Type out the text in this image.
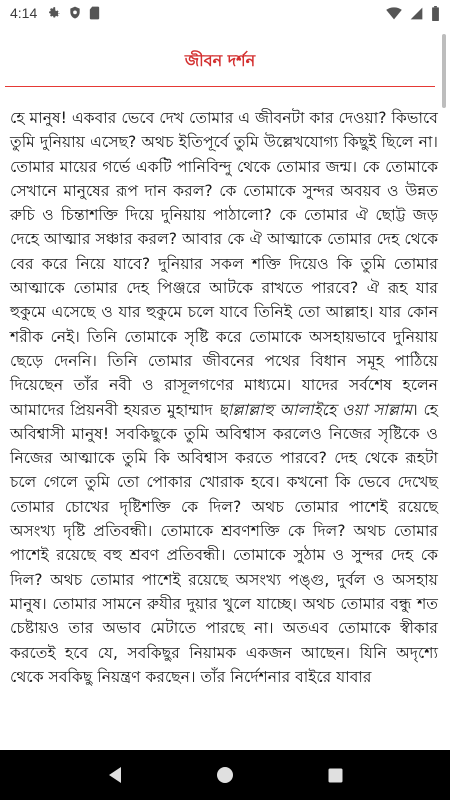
4:14
জীবন দর্শন
হে মানুষ! একবার ভেবে দেখ তোমার এ জীবনটা কার দেওয়া? কিভাবে তুমি দুনিয়ায় এসেছ? অথচ ইতিপূর্বে তুমি উল্লেখযোগ্য কিছুই ছিলে না। তোমার মায়ের গর্ভে একটি পানিবিন্দু থেকে তোমার জন্ম। কে তোমাকে সেখানে মানুষের রূপ দান করল? কে তোমাকে সুন্দর অবয়ব ও উন্নত রুচি ও চিন্তাশক্তি দিয়ে দুনিয়ায় পাঠালো? কে তোমার ঐ ছোট্ট জড় দেহে আত্মার সঞ্চার করল? আবার কে ঐ আত্মাকে তোমার দেহ থেকে বের করে নিয়ে যাবে? দুনিয়ার সকল শক্তি দিয়েও কি তুমি তোমার আত্মাকে তোমার দেহ পিঞ্জরে আটকে রাখতে পারবে? ঐ রূহ যার হুকুমে এসেছে ও যার হুকুমে চলে যাবে তিনিই তো আল্লাহ। যার কোন শরীক নেই। তিনি তোমাকে সৃষ্টি করে তোমাকে অসহায়ভাবে দুনিয়ায় ছেড়ে দেননি। তিনি তোমার জীবনের পথের বিধান সমূহ পাঠিয়ে দিয়েছেন তাঁর নবী ও রাসূলগণের মাধ্যমে। যাদের সর্বশেষ হলেন আমাদের প্রিয়নবী হযরত মুহাম্মাদ ছাল্লাল্লাহু আলাইহে ওয়া সাল্লাম। হে অবিশ্বাসী মানুষ! সবকিছুকে তুমি অবিশ্বাস করলেও নিজের সৃষ্টিকে ও নিজের আত্মাকে তুমি কি অবিশ্বাস করতে পারবে? দেহ থেকে রূহটা চলে গেলে তুমি তো পোকার খোরাক হবে। কখনো কি ভেবে দেখেছ তোমার চোখের দৃষ্টিশক্তি কে দিল? অথচ তোমার পাশেই রয়েছে অসংখ্য দৃষ্টি প্রতিবন্ধী। তোমাকে শ্রবণশক্তি কে দিল? অথচ তোমার পাশেই রয়েছে বহু শ্রবণ প্রতিবন্ধী। তোমাকে সুঠাম ও সুন্দর দেহ কে দিল? অথচ তোমার পাশেই রয়েছে অসংখ্য পঙ্গু, দুর্বল ও অসহায় মানুষ। তোমার সামনে রুযীর দুয়ার খুলে যাচ্ছে। অথচ তোমার বন্ধু শত চেষ্টায়ও তার অভাব মেটাতে পারছে না। অতএব তোমাকে স্বীকার করতেই হবে যে, সবকিছুর নিয়ামক একজন আছেন। যিনি অদৃশ্যে থেকে সবকিছু নিয়ন্ত্রণ করছেন। তাঁর নির্দেশনার বাইরে যাবার
